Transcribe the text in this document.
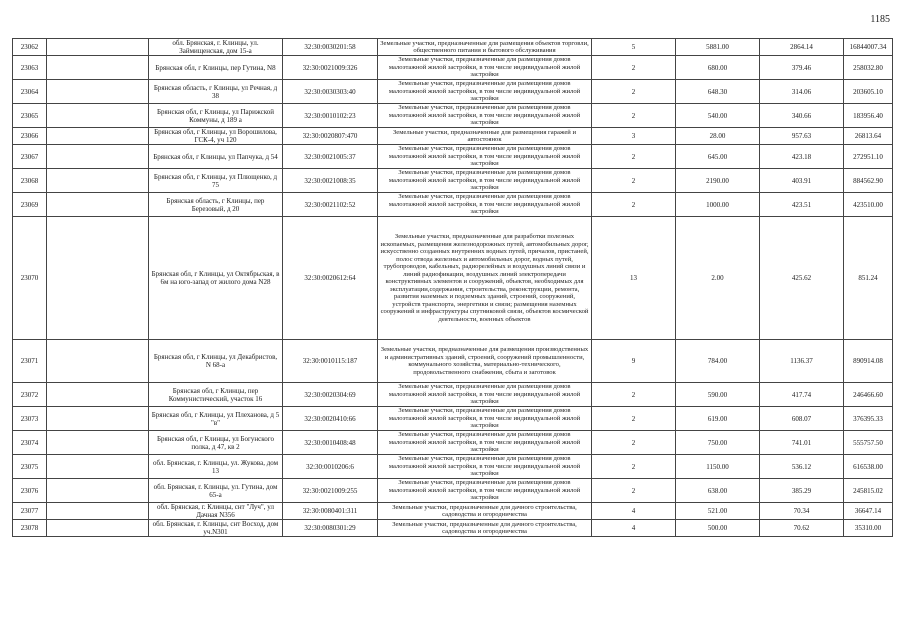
1185
23062		обл. Брянская, г. Клинцы, ул. Займищенская, дом 15-а	32:30:0030201:58	Земельные участки, предназначенные для размещения объектов торговли, общественного питания и бытового обслуживания	5	5881.00	2864.14	16844007.34
23063		Брянская обл, г Клинцы, пер Гутина, N8	32:30:0021009:326	Земельные участки, предназначенные для размещения домов малоэтажной жилой застройки, в том числе индивидуальной жилой застройки	2	680.00	379.46	258032.80
23064		Брянская область, г Клинцы, ул Речная, д 38	32:30:0030303:40	Земельные участки, предназначенные для размещения домов малоэтажной жилой застройки, в том числе индивидуальной жилой застройки	2	648.30	314.06	203605.10
23065		Брянская обл, г Клинцы, ул Парижской Коммуны, д 189 а	32:30:0010102:23	Земельные участки, предназначенные для размещения домов малоэтажной жилой застройки, в том числе индивидуальной жилой застройки	2	540.00	340.66	183956.40
23066		Брянская обл, г Клинцы, ул Ворошилова, ГСК-4, уч 120	32:30:0020807:470	Земельные участки, предназначенные для размещения гаражей и автостоянок	3	28.00	957.63	26813.64
23067		Брянская обл, г Клинцы, ул Папчука, д 54	32:30:0021005:37	Земельные участки, предназначенные для размещения домов малоэтажной жилой застройки, в том числе индивидуальной жилой застройки	2	645.00	423.18	272951.10
23068		Брянская обл, г Клинцы, ул Плющенко, д 75	32:30:0021008:35	Земельные участки, предназначенные для размещения домов малоэтажной жилой застройки, в том числе индивидуальной жилой застройки	2	2190.00	403.91	884562.90
23069		Брянская область, г Клинцы, пер Березовый, д 20	32:30:0021102:52	Земельные участки, предназначенные для размещения домов малоэтажной жилой застройки, в том числе индивидуальной жилой застройки	2	1000.00	423.51	423510.00
23070		Брянская обл, г Клинцы, ул Октябрьская, в 6м на юго-запад от жилого дома N28	32:30:0020612:64	Земельные участки, предназначенные для разработки полезных ископаемых, размещения железнодорожных путей, автомобильных дорог, искусственно созданных внутренних водных путей, причалов, пристаней, полос отвода железных и автомобильных дорог, водных путей, трубопроводов, кабельных, радиорелейных и воздушных линий связи и линий радиофикации, воздушных линий электропередачи конструктивных элементов и сооружений, объектов, необходимых для эксплуатации,содержания, строительства, реконструкции, ремонта, развития наземных и подземных зданий, строений, сооружений, устройств транспорта, энергетики и связи; размещения наземных сооружений и инфраструктуры спутниковой связи, объектов космической деятельности, военных объектов	13	2.00	425.62	851.24
23071		Брянская обл, г Клинцы, ул Декабристов, N 68-а	32:30:0010115:187	Земельные участки, предназначенные для размещения производственных и административных зданий, строений, сооружений промышленности, коммунального хозяйства, материально-технического, продовольственного снабжения, сбыта и заготовок	9	784.00	1136.37	890914.08
23072		Брянская обл, г Клинцы, пер Коммунистический, участок 16	32:30:0020304:69	Земельные участки, предназначенные для размещения домов малоэтажной жилой застройки, в том числе индивидуальной жилой застройки	2	590.00	417.74	246466.60
23073		Брянская обл, г Клинцы, ул Плеханова, д 5 "в"	32:30:0020410:66	Земельные участки, предназначенные для размещения домов малоэтажной жилой застройки, в том числе индивидуальной жилой застройки	2	619.00	608.07	376395.33
23074		Брянская обл, г Клинцы, ул Богунского полка, д 47, кв 2	32:30:0010408:48	Земельные участки, предназначенные для размещения домов малоэтажной жилой застройки, в том числе индивидуальной жилой застройки	2	750.00	741.01	555757.50
23075		обл. Брянская, г. Клинцы, ул. Жукова, дом 13	32:30:0010206:6	Земельные участки, предназначенные для размещения домов малоэтажной жилой застройки, в том числе индивидуальной жилой застройки	2	1150.00	536.12	616538.00
23076		обл. Брянская, г. Клинцы, ул. Гутина, дом 65-а	32:30:0021009:255	Земельные участки, предназначенные для размещения домов малоэтажной жилой застройки, в том числе индивидуальной жилой застройки	2	638.00	385.29	245815.02
23077		обл. Брянская, г. Клинцы, снт "Луч", ул Дачная N356	32:30:0080401:311	Земельные участки, предназначенные для дачного строительства, садоводства и огородничества	4	521.00	70.34	36647.14
23078		обл. Брянская, г. Клинцы, снт Восход, дом уч.N301	32:30:0080301:29	Земельные участки, предназначенные для дачного строительства, садоводства и огородничества	4	500.00	70.62	35310.00
